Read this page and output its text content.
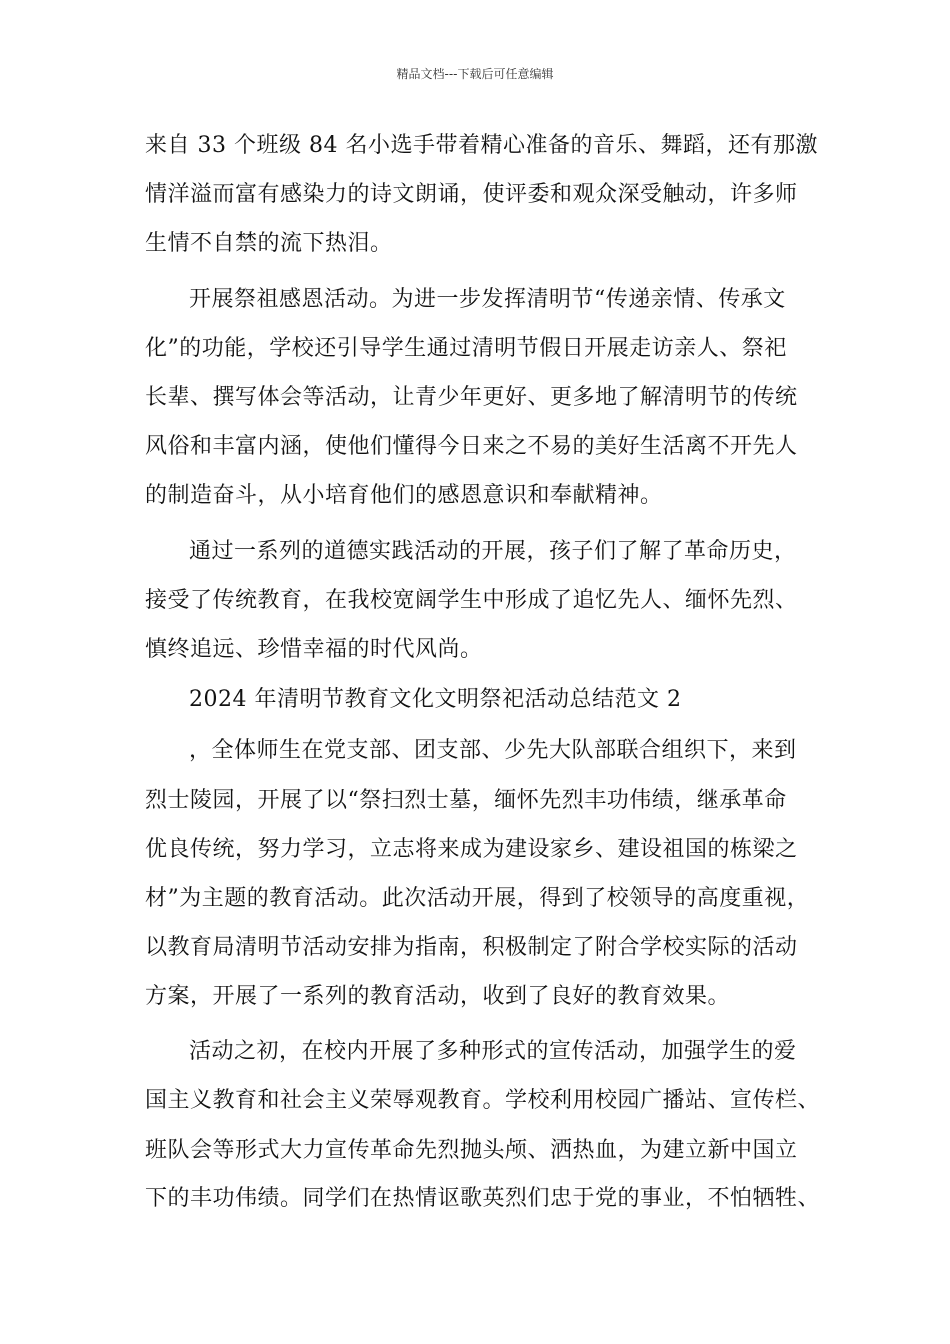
精品文档---下载后可任意编辑
来自 33 个班级 84 名小选手带着精心准备的音乐、舞蹈，还有那激
情洋溢而富有感染力的诗文朗诵，使评委和观众深受触动，许多师
生情不自禁的流下热泪。
开展祭祖感恩活动。为进一步发挥清明节“传递亲情、传承文
化”的功能，学校还引导学生通过清明节假日开展走访亲人、祭祀
长辈、撰写体会等活动，让青少年更好、更多地了解清明节的传统
风俗和丰富内涵，使他们懂得今日来之不易的美好生活离不开先人
的制造奋斗，从小培育他们的感恩意识和奉献精神。
通过一系列的道德实践活动的开展，孩子们了解了革命历史，
接受了传统教育，在我校宽阔学生中形成了追忆先人、缅怀先烈、
慎终追远、珍惜幸福的时代风尚。
2024 年清明节教育文化文明祭祀活动总结范文 2
，全体师生在党支部、团支部、少先大队部联合组织下，来到
烈士陵园，开展了以“祭扫烈士墓，缅怀先烈丰功伟绩，继承革命
优良传统，努力学习，立志将来成为建设家乡、建设祖国的栋梁之
材”为主题的教育活动。此次活动开展，得到了校领导的高度重视，
以教育局清明节活动安排为指南，积极制定了附合学校实际的活动
方案，开展了一系列的教育活动，收到了良好的教育效果。
活动之初，在校内开展了多种形式的宣传活动，加强学生的爱
国主义教育和社会主义荣辱观教育。学校利用校园广播站、宣传栏、
班队会等形式大力宣传革命先烈抛头颅、洒热血，为建立新中国立
下的丰功伟绩。同学们在热情讴歌英烈们忠于党的事业，不怕牺牲、
